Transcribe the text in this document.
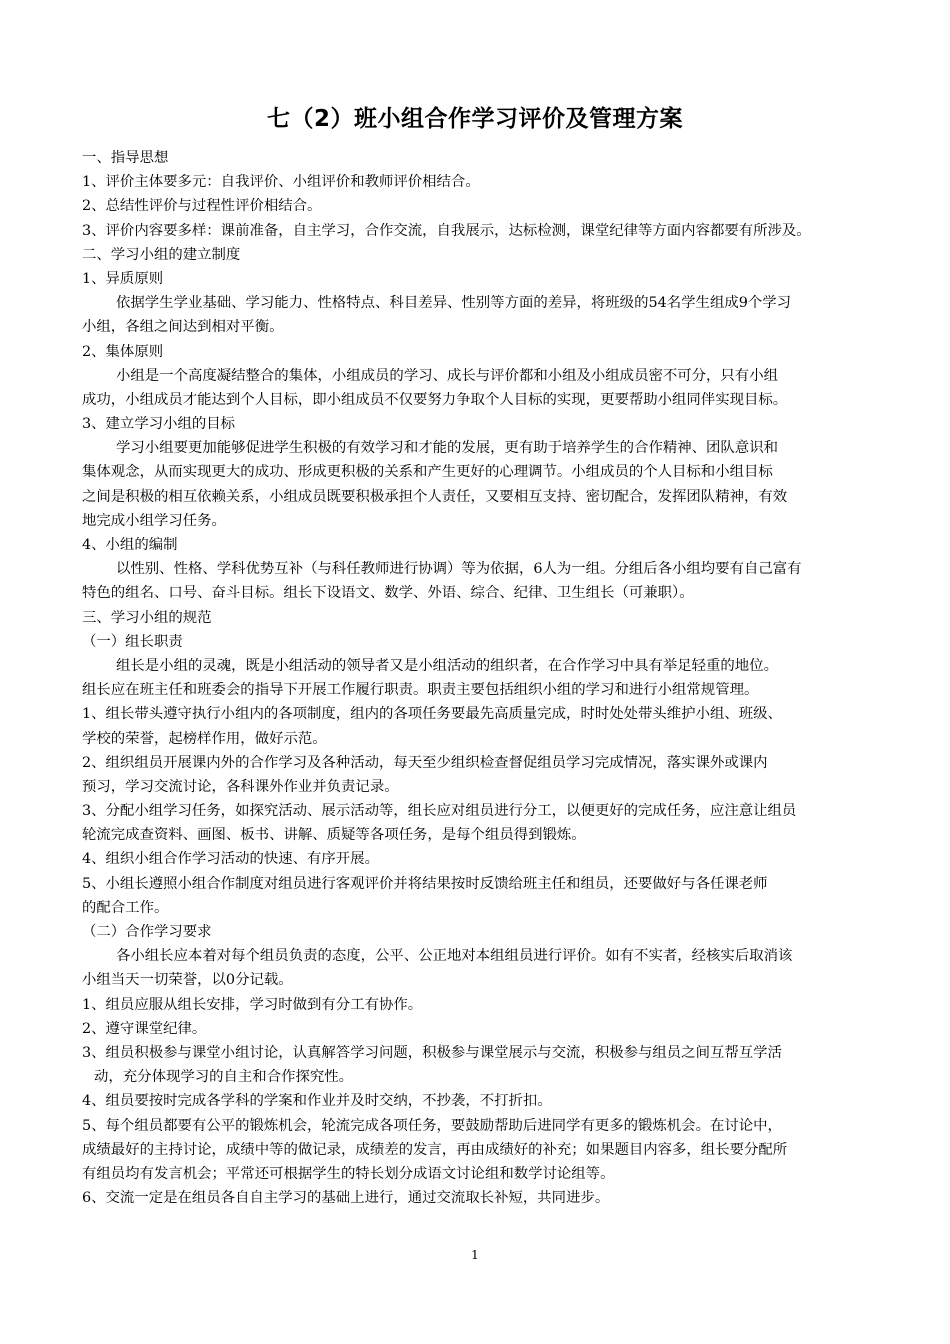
七（2）班小组合作学习评价及管理方案
一、指导思想
1、评价主体要多元：自我评价、小组评价和教师评价相结合。
2、总结性评价与过程性评价相结合。
3、评价内容要多样：课前准备，自主学习，合作交流，自我展示，达标检测，课堂纪律等方面内容都要有所涉及。
二、学习小组的建立制度
1、异质原则
依据学生学业基础、学习能力、性格特点、科目差异、性别等方面的差异，将班级的54名学生组成9个学习
小组，各组之间达到相对平衡。
2、集体原则
小组是一个高度凝结整合的集体，小组成员的学习、成长与评价都和小组及小组成员密不可分，只有小组
成功，小组成员才能达到个人目标，即小组成员不仅要努力争取个人目标的实现，更要帮助小组同伴实现目标。
3、建立学习小组的目标
学习小组要更加能够促进学生积极的有效学习和才能的发展，更有助于培养学生的合作精神、团队意识和
集体观念，从而实现更大的成功、形成更积极的关系和产生更好的心理调节。小组成员的个人目标和小组目标
之间是积极的相互依赖关系，小组成员既要积极承担个人责任，又要相互支持、密切配合，发挥团队精神，有效
地完成小组学习任务。
4、小组的编制
以性别、性格、学科优势互补（与科任教师进行协调）等为依据，6人为一组。分组后各小组均要有自己富有
特色的组名、口号、奋斗目标。组长下设语文、数学、外语、综合、纪律、卫生组长（可兼职）。
三、学习小组的规范
（一）组长职责
组长是小组的灵魂，既是小组活动的领导者又是小组活动的组织者，在合作学习中具有举足轻重的地位。
组长应在班主任和班委会的指导下开展工作履行职责。职责主要包括组织小组的学习和进行小组常规管理。
1、组长带头遵守执行小组内的各项制度，组内的各项任务要最先高质量完成，时时处处带头维护小组、班级、
学校的荣誉，起榜样作用，做好示范。
2、组织组员开展课内外的合作学习及各种活动，每天至少组织检查督促组员学习完成情况，落实课外或课内
预习，学习交流讨论，各科课外作业并负责记录。
3、分配小组学习任务，如探究活动、展示活动等，组长应对组员进行分工，以便更好的完成任务，应注意让组员
轮流完成查资料、画图、板书、讲解、质疑等各项任务，是每个组员得到锻炼。
4、组织小组合作学习活动的快速、有序开展。
5、小组长遵照小组合作制度对组员进行客观评价并将结果按时反馈给班主任和组员，还要做好与各任课老师
的配合工作。
（二）合作学习要求
各小组长应本着对每个组员负责的态度，公平、公正地对本组组员进行评价。如有不实者，经核实后取消该
小组当天一切荣誉，以0分记载。
1、组员应服从组长安排，学习时做到有分工有协作。
2、遵守课堂纪律。
3、组员积极参与课堂小组讨论，认真解答学习问题，积极参与课堂展示与交流，积极参与组员之间互帮互学活
动，充分体现学习的自主和合作探究性。
4、组员要按时完成各学科的学案和作业并及时交纳，不抄袭，不打折扣。
5、每个组员都要有公平的锻炼机会，轮流完成各项任务，要鼓励帮助后进同学有更多的锻炼机会。在讨论中，
成绩最好的主持讨论，成绩中等的做记录，成绩差的发言，再由成绩好的补充；如果题目内容多，组长要分配所
有组员均有发言机会；平常还可根据学生的特长划分成语文讨论组和数学讨论组等。
6、交流一定是在组员各自自主学习的基础上进行，通过交流取长补短，共同进步。
1
